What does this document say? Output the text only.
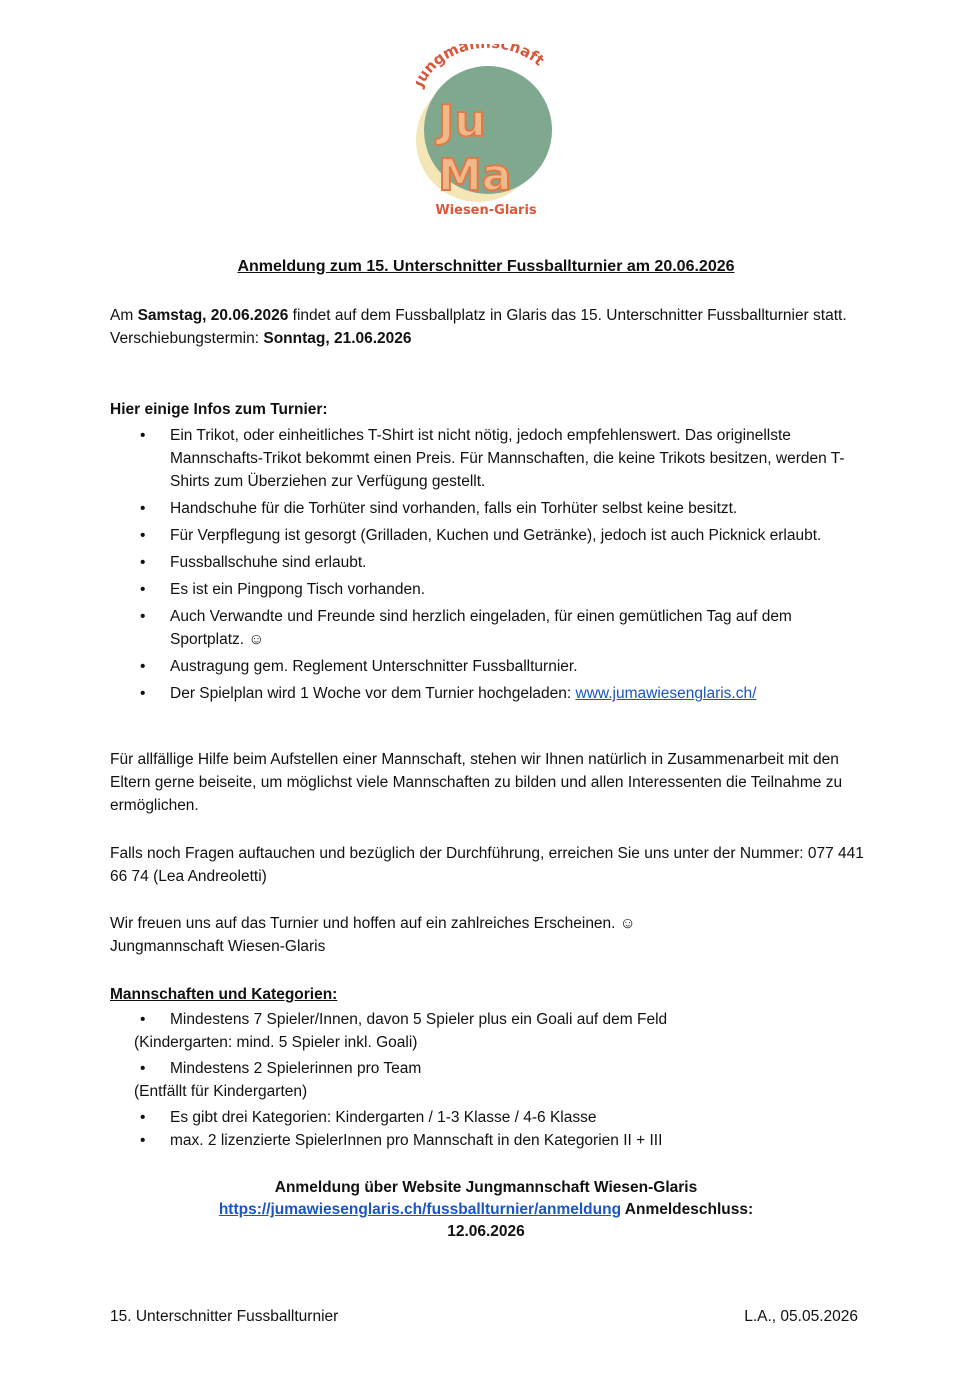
ngma chaft
Ju
Ma
Wiesen-Glaris
Anmeldung zum 15. Unterschnitter Fussballturnier am 20.06.2026
Am Samstag, 20.06.2026 findet auf dem Fussballplatz in Glaris das 15. Unterschnitter Fussballturnier statt.
Verschiebungstermin: Sonntag, 21.06.2026
Hier einige Infos zum Turnier:
• Ein Trikot, oder einheitliches T-Shirt ist nicht nötig, jedoch empfehlenswert. Das originellste Mannschafts-Trikot bekommt einen Preis. Für Mannschaften, die keine Trikots besitzen, werden T-Shirts zum Überziehen zur Verfügung gestellt.
• Handschuhe für die Torhüter sind vorhanden, falls ein Torhüter selbst keine besitzt.
• Für Verpflegung ist gesorgt (Grilladen, Kuchen und Getränke), jedoch ist auch Picknick erlaubt.
• Fussballschuhe sind erlaubt.
• Es ist ein Pingpong Tisch vorhanden.
• Auch Verwandte und Freunde sind herzlich eingeladen, für einen gemütlichen Tag auf dem Sportplatz. ☺
• Austragung gem. Reglement Unterschnitter Fussballturnier.
• Der Spielplan wird 1 Woche vor dem Turnier hochgeladen: www.jumawiesenglaris.ch/
Für allfällige Hilfe beim Aufstellen einer Mannschaft, stehen wir Ihnen natürlich in Zusammenarbeit mit den Eltern gerne beiseite, um möglichst viele Mannschaften zu bilden und allen Interessenten die Teilnahme zu ermöglichen.
Falls noch Fragen auftauchen und bezüglich der Durchführung, erreichen Sie uns unter der Nummer: 077 441 66 74 (Lea Andreoletti)
Wir freuen uns auf das Turnier und hoffen auf ein zahlreiches Erscheinen. ☺
Jungmannschaft Wiesen-Glaris
Mannschaften und Kategorien:
• Mindestens 7 Spieler/Innen, davon 5 Spieler plus ein Goali auf dem Feld
(Kindergarten: mind. 5 Spieler inkl. Goali)
• Mindestens 2 Spielerinnen pro Team
(Entfällt für Kindergarten)
• Es gibt drei Kategorien: Kindergarten / 1-3 Klasse / 4-6 Klasse
• max. 2 lizenzierte SpielerInnen pro Mannschaft in den Kategorien II + III
Anmeldung über Website Jungmannschaft Wiesen-Glaris
https://jumawiesenglaris.ch/fussballturnier/anmeldung Anmeldeschluss:
12.06.2026
15. Unterschnitter Fussballturnier	L.A., 05.05.2026
